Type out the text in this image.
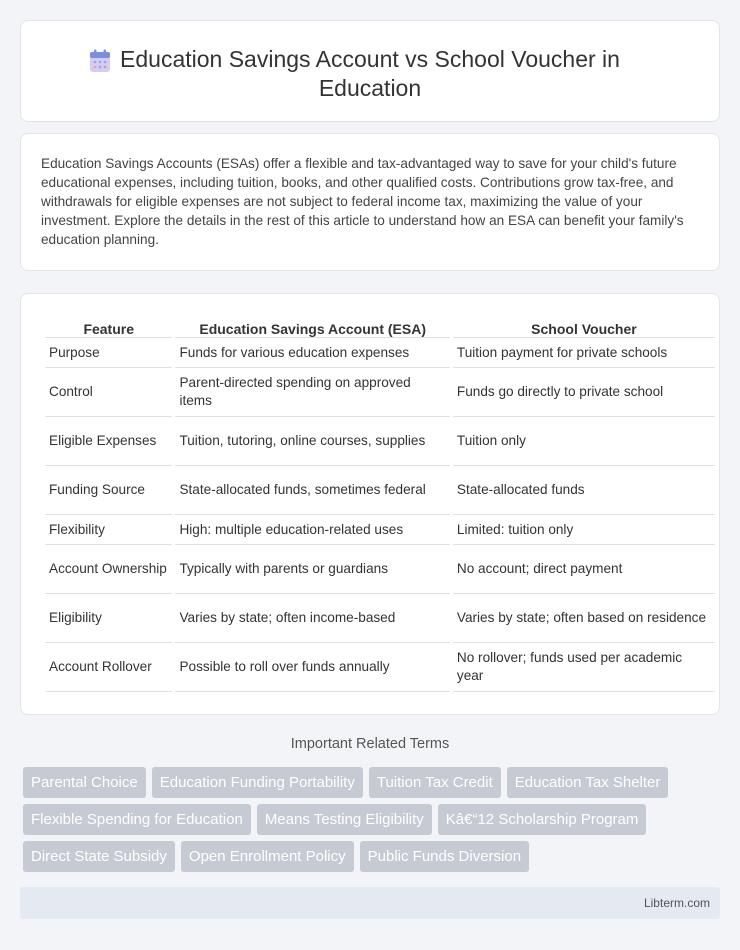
Education Savings Account vs School Voucher in Education

Education Savings Accounts (ESAs) offer a flexible and tax-advantaged way to save for your child's future educational expenses, including tuition, books, and other qualified costs. Contributions grow tax-free, and withdrawals for eligible expenses are not subject to federal income tax, maximizing the value of your investment. Explore the details in the rest of this article to understand how an ESA can benefit your family's education planning.

Feature	Education Savings Account (ESA)	School Voucher
Purpose	Funds for various education expenses	Tuition payment for private schools
Control	Parent-directed spending on approved items	Funds go directly to private school
Eligible Expenses	Tuition, tutoring, online courses, supplies	Tuition only
Funding Source	State-allocated funds, sometimes federal	State-allocated funds
Flexibility	High: multiple education-related uses	Limited: tuition only
Account Ownership	Typically with parents or guardians	No account; direct payment
Eligibility	Varies by state; often income-based	Varies by state; often based on residence
Account Rollover	Possible to roll over funds annually	No rollover; funds used per academic year
Important Related Terms
Parental Choice	Education Funding Portability	Tuition Tax Credit	Education Tax Shelter
Flexible Spending for Education	Means Testing Eligibility	Kâ€“12 Scholarship Program
Direct State Subsidy	Open Enrollment Policy	Public Funds Diversion
Libterm.com
